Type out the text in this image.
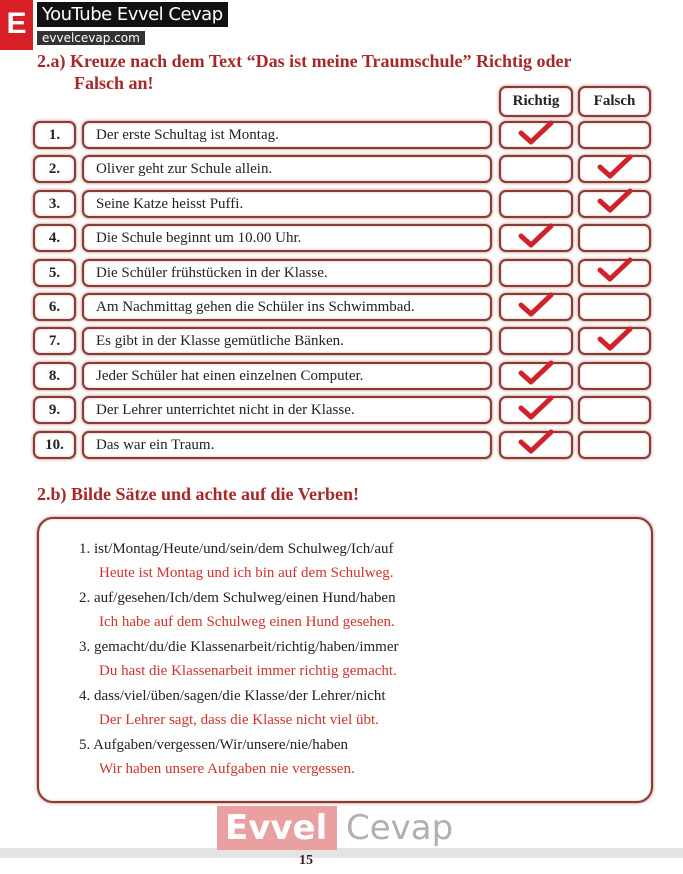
E YouTube Evvel Cevap
evvelcevap.com
2.a) Kreuze nach dem Text “Das ist meine Traumschule” Richtig oder
Falsch an!
Richtig	Falsch
1.	Der erste Schultag ist Montag.
2.	Oliver geht zur Schule allein.
3.	Seine Katze heisst Puffi.
4.	Die Schule beginnt um 10.00 Uhr.
5.	Die Schüler frühstücken in der Klasse.
6.	Am Nachmittag gehen die Schüler ins Schwimmbad.
7.	Es gibt in der Klasse gemütliche Bänken.
8.	Jeder Schüler hat einen einzelnen Computer.
9.	Der Lehrer unterrichtet nicht in der Klasse.
10.	Das war ein Traum.
2.b) Bilde Sätze und achte auf die Verben!
1. ist/Montag/Heute/und/sein/dem Schulweg/Ich/auf
Heute ist Montag und ich bin auf dem Schulweg.
2. auf/gesehen/Ich/dem Schulweg/einen Hund/haben
Ich habe auf dem Schulweg einen Hund gesehen.
3. gemacht/du/die Klassenarbeit/richtig/haben/immer
Du hast die Klassenarbeit immer richtig gemacht.
4. dass/viel/üben/sagen/die Klasse/der Lehrer/nicht
Der Lehrer sagt, dass die Klasse nicht viel übt.
5. Aufgaben/vergessen/Wir/unsere/nie/haben
Wir haben unsere Aufgaben nie vergessen.
Evvel Cevap
15
